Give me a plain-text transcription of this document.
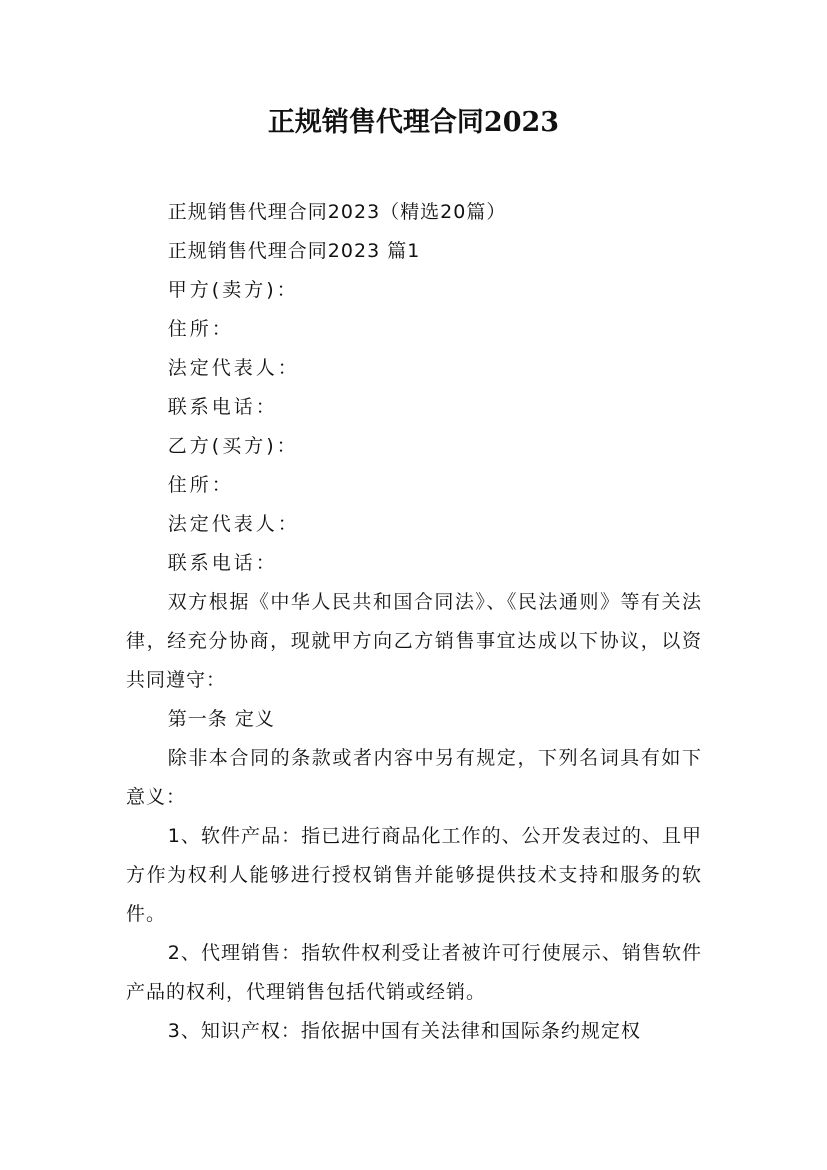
正规销售代理合同2023

正规销售代理合同2023（精选20篇）

正规销售代理合同2023 篇1

甲方(卖方)：

住所：

法定代表人：

联系电话：

乙方(买方)：

住所：

法定代表人：

联系电话：

双方根据《中华人民共和国合同法》、《民法通则》等有关法律，经充分协商，现就甲方向乙方销售事宜达成以下协议，以资共同遵守：

第一条 定义

除非本合同的条款或者内容中另有规定，下列名词具有如下意义：

1、软件产品：指已进行商品化工作的、公开发表过的、且甲方作为权利人能够进行授权销售并能够提供技术支持和服务的软件。

2、代理销售：指软件权利受让者被许可行使展示、销售软件产品的权利，代理销售包括代销或经销。

3、知识产权：指依据中国有关法律和国际条约规定权
